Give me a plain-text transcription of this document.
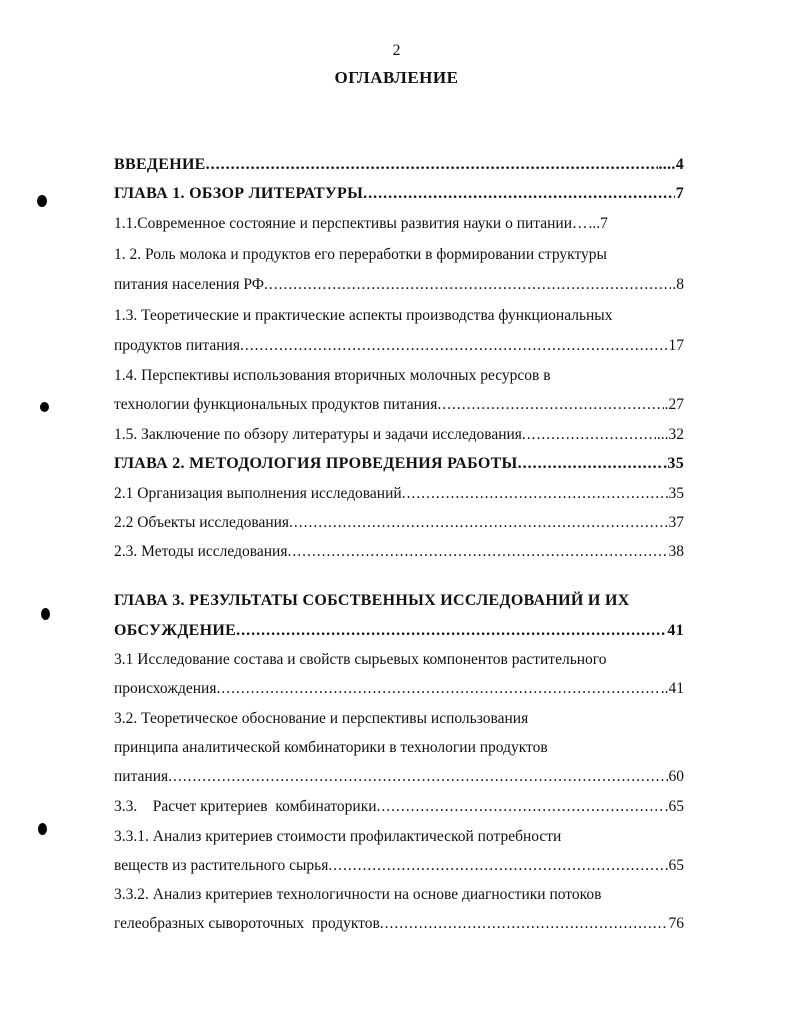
2
ОГЛАВЛЕНИЕ
ВВЕДЕНИЕ .....	....4
ГЛАВА 1. ОБЗОР ЛИТЕРАТУРЫ .....	7
1.1.Современное состояние и перспективы развития науки о питании… ...7
1. 2. Роль молока и продуктов его переработки в формировании структуры
питания населения РФ .....	.8
1.3. Теоретические и практические аспекты производства функциональных
продуктов питания .....	17
1.4. Перспективы использования вторичных молочных ресурсов в
технологии функциональных продуктов питания .....	.27
1.5. Заключение по обзору литературы и задачи исследования .....	...32
ГЛАВА 2. МЕТОДОЛОГИЯ ПРОВЕДЕНИЯ РАБОТЫ .....	.35
2.1 Организация выполнения исследований .....	35
2.2 Объекты исследования .....	37
2.3. Методы исследования .....	38
ГЛАВА 3. РЕЗУЛЬТАТЫ СОБСТВЕННЫХ ИССЛЕДОВАНИЙ И ИХ
ОБСУЖДЕНИЕ .....	41
3.1 Исследование состава и свойств сырьевых компонентов растительного
происхождения .....	..41
3.2. Теоретическое обоснование и перспективы использования
принципа аналитической комбинаторики в технологии продуктов
питания .....	60
3.3.    Расчет критериев  комбинаторики .....	.65
3.3.1. Анализ критериев стоимости профилактической потребности
веществ из растительного сырья .....	65
3.3.2. Анализ критериев технологичности на основе диагностики потоков
гелеобразных сывороточных  продуктов .....	76
